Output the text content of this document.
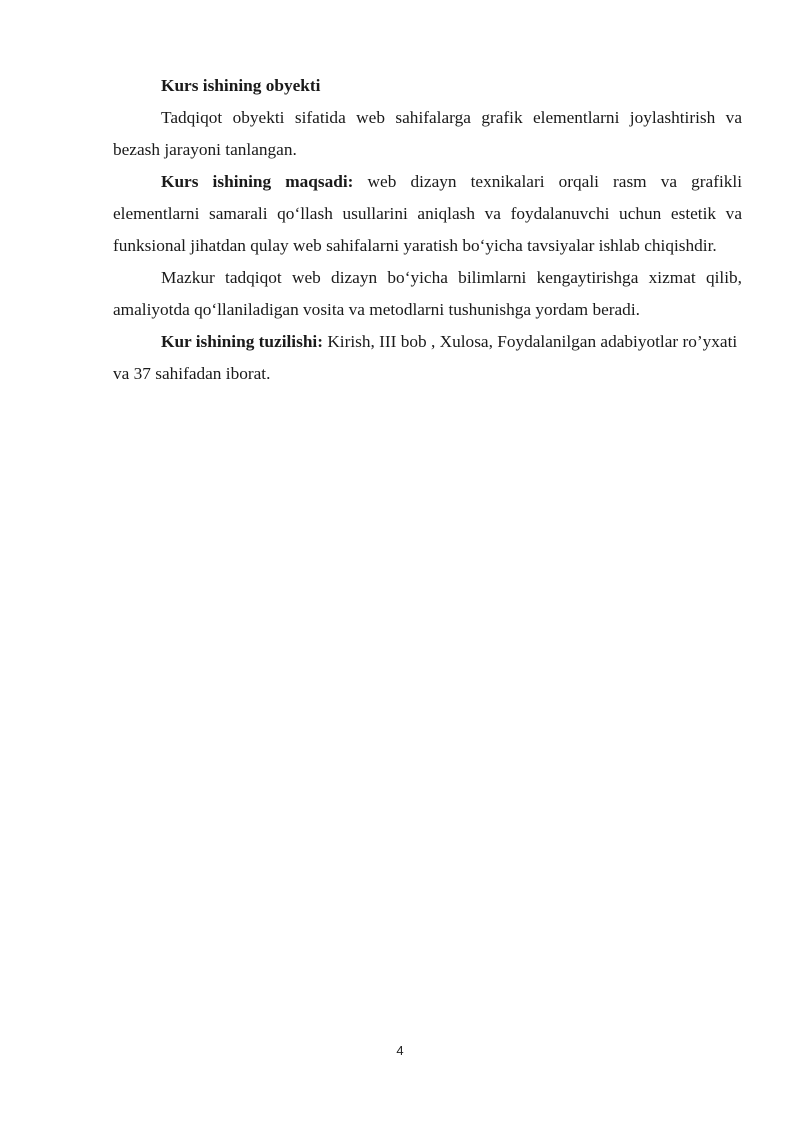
Kurs ishining obyekti

Tadqiqot obyekti sifatida web sahifalarga grafik elementlarni joylashtirish va bezash jarayoni tanlangan.

Kurs ishining maqsadi: web dizayn texnikalari orqali rasm va grafikli elementlarni samarali qo‘llash usullarini aniqlash va foydalanuvchi uchun estetik va funksional jihatdan qulay web sahifalarni yaratish bo‘yicha tavsiyalar ishlab chiqishdir.

Mazkur tadqiqot web dizayn bo‘yicha bilimlarni kengaytirishga xizmat qilib, amaliyotda qo‘llaniladigan vosita va metodlarni tushunishga yordam beradi.

Kur ishining tuzilishi: Kirish, III bob , Xulosa, Foydalanilgan adabiyotlar ro’yxati va 37 sahifadan iborat.

4
